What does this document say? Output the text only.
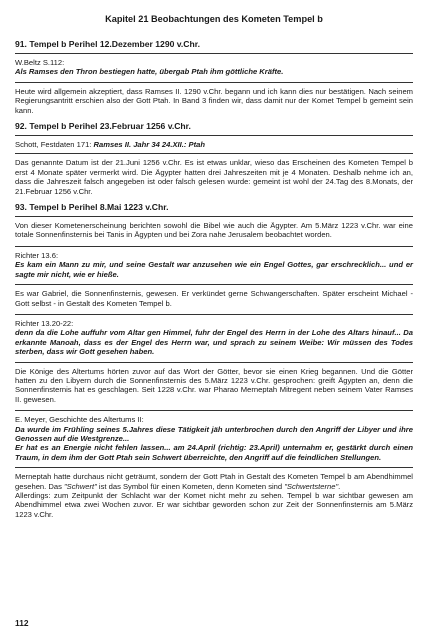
Kapitel 21 Beobachtungen des Kometen Tempel b
91. Tempel b Perihel 12.Dezember 1290 v.Chr.
W.Beltz S.112:
Als Ramses den Thron bestiegen hatte, übergab Ptah ihm göttliche Kräfte.
Heute wird allgemein akzeptiert, dass Ramses II. 1290 v.Chr. begann und ich kann dies nur bestätigen. Nach seinem Regierungsantritt erschien also der Gott Ptah. In Band 3 finden wir, dass damit nur der Komet Tempel b gemeint sein kann.
92. Tempel b Perihel 23.Februar 1256 v.Chr.
Schott, Festdaten 171: Ramses II. Jahr 34 24.XII.: Ptah
Das genannte Datum ist der 21.Juni 1256 v.Chr. Es ist etwas unklar, wieso das Erscheinen des Kometen Tempel b erst 4 Monate später vermerkt wird. Die Ägypter hatten drei Jahreszeiten mit je 4 Monaten. Deshalb nehme ich an, dass die Jahreszeit falsch angegeben ist oder falsch gelesen wurde: gemeint ist wohl der 24.Tag des 8.Monats, der 21.Februar 1256 v.Chr.
93. Tempel b Perihel 8.Mai 1223 v.Chr.
Von dieser Kometenerscheinung berichten sowohl die Bibel wie auch die Ägypter. Am 5.März 1223 v.Chr. war eine totale Sonnenfinsternis bei Tanis in Ägypten und bei Zora nahe Jerusalem beobachtet worden.
Richter 13.6:
Es kam ein Mann zu mir, und seine Gestalt war anzusehen wie ein Engel Gottes, gar erschrecklich... und er sagte mir nicht, wie er hieße.
Es war Gabriel, die Sonnenfinsternis, gewesen. Er verkündet gerne Schwangerschaften. Später erscheint Michael - Gott selbst - in Gestalt des Kometen Tempel b.
Richter 13.20-22:
denn da die Lohe auffuhr vom Altar gen Himmel, fuhr der Engel des Herrn in der Lohe des Altars hinauf... Da erkannte Manoah, dass es der Engel des Herrn war, und sprach zu seinem Weibe: Wir müssen des Todes sterben, dass wir Gott gesehen haben.
Die Könige des Altertums hörten zuvor auf das Wort der Götter, bevor sie einen Krieg begannen. Und die Götter hatten zu den Libyern durch die Sonnenfinsternis des 5.März 1223 v.Chr. gesprochen: greift Ägypten an, denn die Sonnenfinsternis hat es geschlagen. Seit 1228 v.Chr. war Pharao Merneptah Mitregent neben seinem Vater Ramses II. gewesen.
E. Meyer, Geschichte des Altertums II:
Da wurde im Frühling seines 5.Jahres diese Tätigkeit jäh unterbrochen durch den Angriff der Libyer und ihre Genossen auf die Westgrenze...
Er hat es an Energie nicht fehlen lassen... am 24.April (richtig: 23.April) unternahm er, gestärkt durch einen Traum, in dem ihm der Gott Ptah sein Schwert überreichte, den Angriff auf die feindlichen Stellungen.
Merneptah hatte durchaus nicht geträumt, sondern der Gott Ptah in Gestalt des Kometen Tempel b am Abendhimmel gesehen. Das "Schwert" ist das Symbol für einen Kometen, denn Kometen sind "Schwertsterne".
Allerdings: zum Zeitpunkt der Schlacht war der Komet nicht mehr zu sehen. Tempel b war sichtbar gewesen am Abendhimmel etwa zwei Wochen zuvor. Er war sichtbar geworden schon zur Zeit der Sonnenfinsternis am 5.März 1223 v.Chr.
112
